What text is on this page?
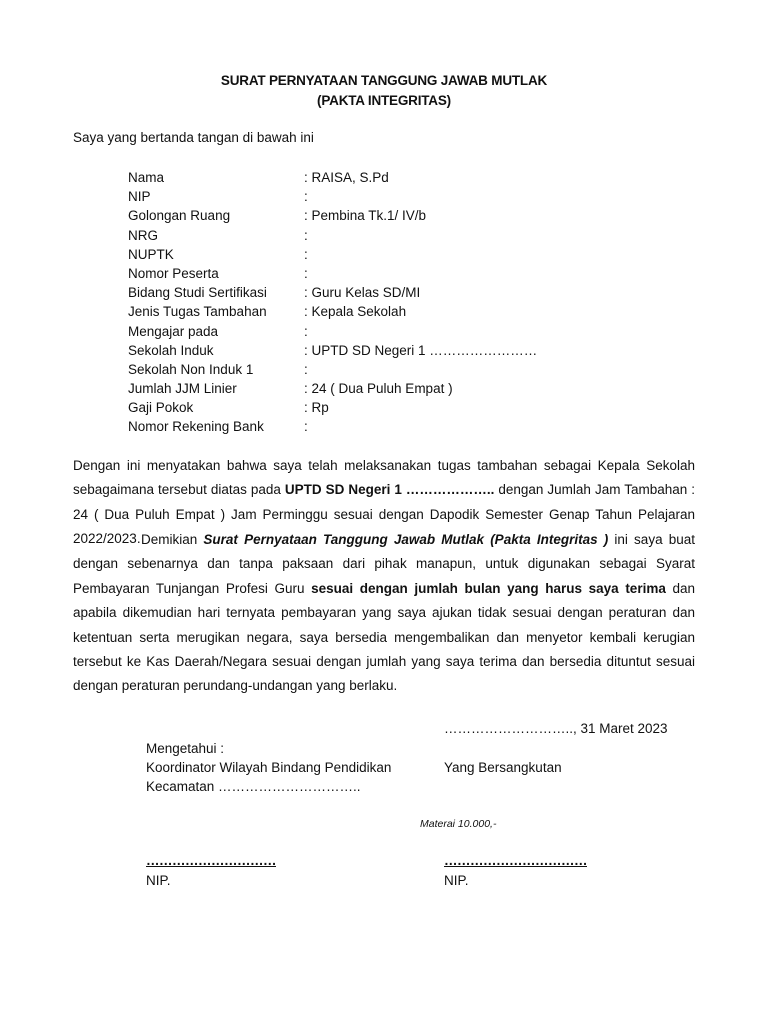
SURAT PERNYATAAN TANGGUNG JAWAB MUTLAK
(PAKTA INTEGRITAS)
Saya yang bertanda tangan di bawah ini
Nama	: RAISA, S.Pd
NIP	:
Golongan Ruang	: Pembina Tk.1/ IV/b
NRG	:
NUPTK	:
Nomor Peserta	:
Bidang Studi Sertifikasi	: Guru Kelas SD/MI
Jenis Tugas Tambahan	: Kepala Sekolah
Mengajar pada	:
Sekolah Induk	: UPTD SD Negeri 1 ……………………
Sekolah Non Induk 1	:
Jumlah JJM Linier	: 24 ( Dua Puluh Empat )
Gaji Pokok	: Rp
Nomor Rekening Bank	:
Dengan ini menyatakan bahwa saya telah melaksanakan tugas tambahan sebagai Kepala Sekolah sebagaimana tersebut diatas pada UPTD SD Negeri 1 ……………….. dengan Jumlah Jam Tambahan : 24 ( Dua Puluh Empat ) Jam Perminggu sesuai dengan Dapodik Semester Genap Tahun Pelajaran 2022/2023. Demikian Surat Pernyataan Tanggung Jawab Mutlak (Pakta Integritas ) ini saya buat dengan sebenarnya dan tanpa paksaan dari pihak manapun, untuk digunakan sebagai Syarat Pembayaran Tunjangan Profesi Guru sesuai dengan jumlah bulan yang harus saya terima dan apabila dikemudian hari ternyata pembayaran yang saya ajukan tidak sesuai dengan peraturan dan ketentuan serta merugikan negara, saya bersedia mengembalikan dan menyetor kembali kerugian tersebut ke Kas Daerah/Negara sesuai dengan jumlah yang saya terima dan bersedia dituntut sesuai dengan peraturan perundang-undangan yang berlaku.
……………………….., 31 Maret 2023
Mengetahui :
Koordinator Wilayah Bindang Pendidikan	Yang Bersangkutan
Kecamatan …………………………..
Materai 10.000,-
…………………………	……………………………
NIP.	NIP.
